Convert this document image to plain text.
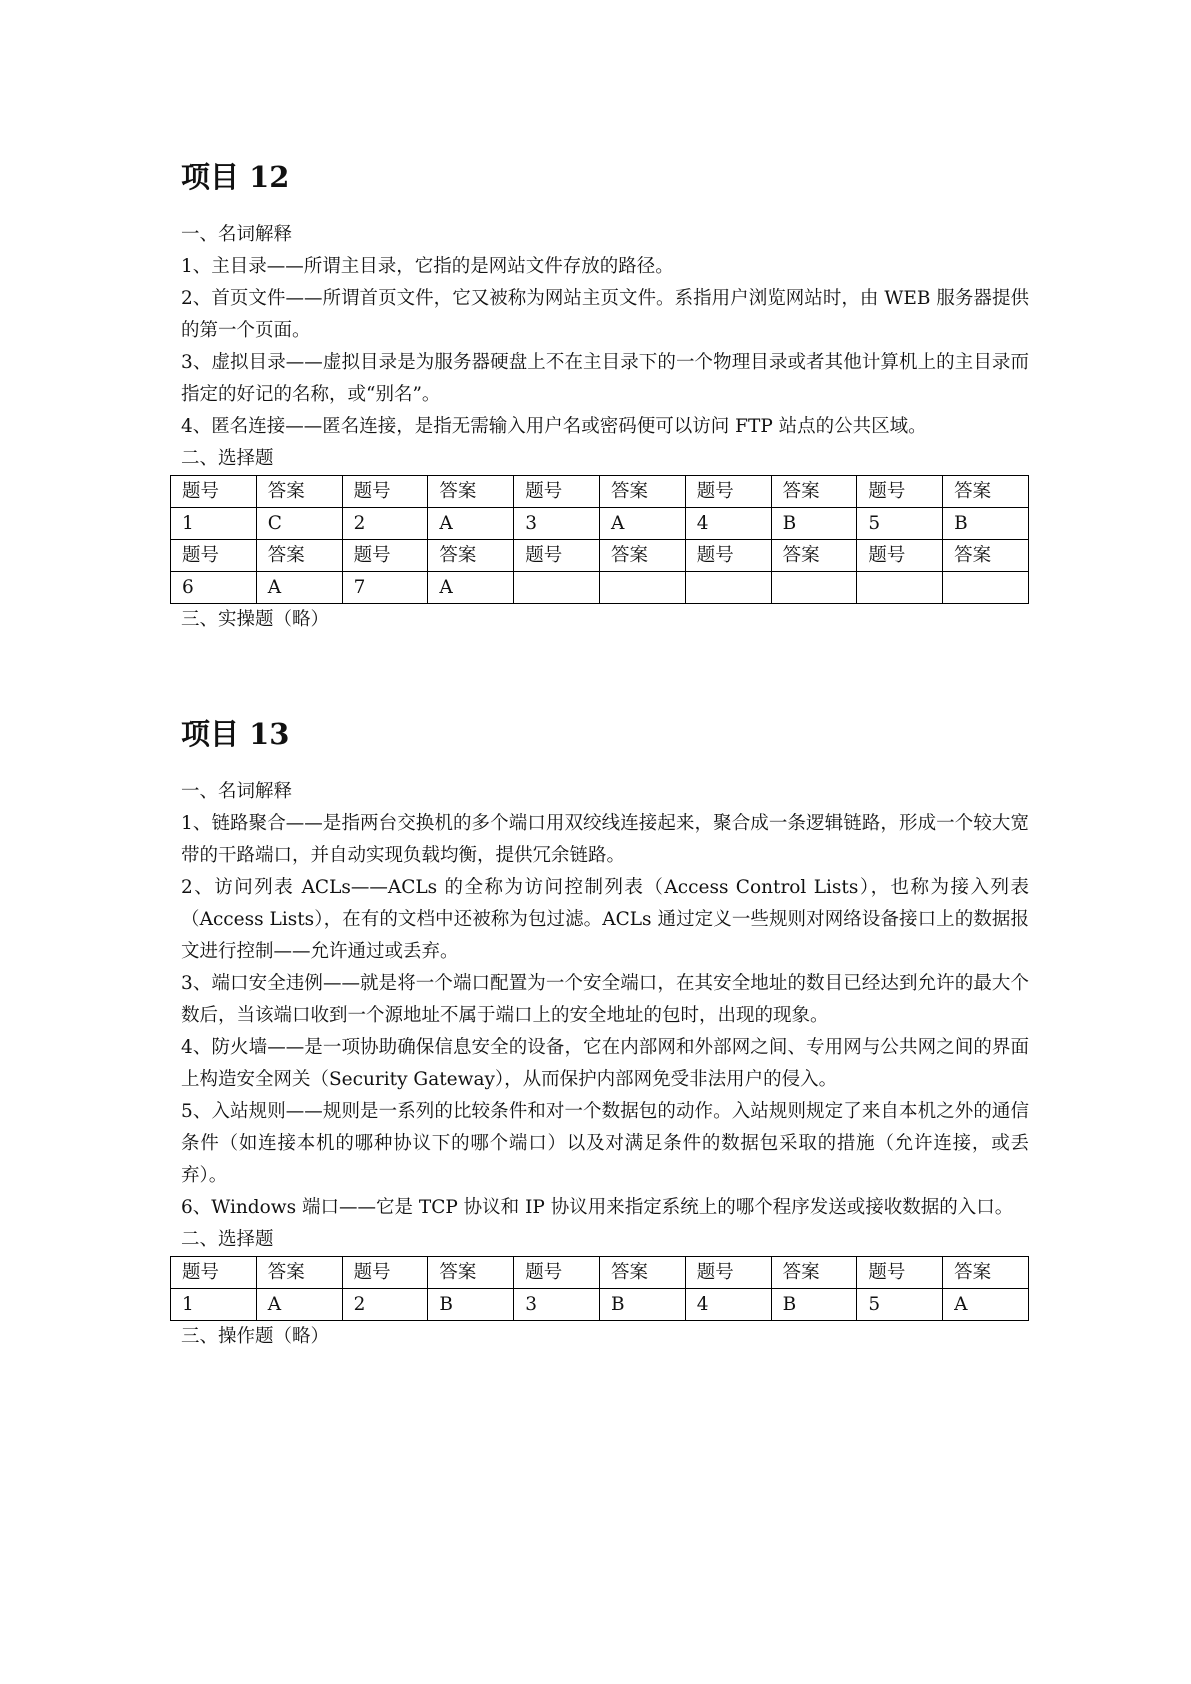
项目 12

一、名词解释

1、主目录——所谓主目录，它指的是网站文件存放的路径。

2、首页文件——所谓首页文件，它又被称为网站主页文件。系指用户浏览网站时，由 WEB 服务器提供的第一个页面。

3、虚拟目录——虚拟目录是为服务器硬盘上不在主目录下的一个物理目录或者其他计算机上的主目录而指定的好记的名称，或“别名”。

4、匿名连接——匿名连接，是指无需输入用户名或密码便可以访问 FTP 站点的公共区域。

二、选择题

题号	答案	题号	答案	题号	答案	题号	答案	题号	答案
1	C	2	A	3	A	4	B	5	B
题号	答案	题号	答案	题号	答案	题号	答案	题号	答案
6	A	7	A						

三、实操题（略）

项目 13

一、名词解释

1、链路聚合——是指两台交换机的多个端口用双绞线连接起来，聚合成一条逻辑链路，形成一个较大宽带的干路端口，并自动实现负载均衡，提供冗余链路。

2、访问列表 ACLs——ACLs 的全称为访问控制列表（Access Control Lists），也称为接入列表（Access Lists），在有的文档中还被称为包过滤。ACLs 通过定义一些规则对网络设备接口上的数据报文进行控制——允许通过或丢弃。

3、端口安全违例——就是将一个端口配置为一个安全端口，在其安全地址的数目已经达到允许的最大个数后，当该端口收到一个源地址不属于端口上的安全地址的包时，出现的现象。

4、防火墙——是一项协助确保信息安全的设备，它在内部网和外部网之间、专用网与公共网之间的界面上构造安全网关（Security Gateway），从而保护内部网免受非法用户的侵入。

5、入站规则——规则是一系列的比较条件和对一个数据包的动作。入站规则规定了来自本机之外的通信条件（如连接本机的哪种协议下的哪个端口）以及对满足条件的数据包采取的措施（允许连接，或丢弃）。

6、Windows 端口——它是 TCP 协议和 IP 协议用来指定系统上的哪个程序发送或接收数据的入口。

二、选择题

题号	答案	题号	答案	题号	答案	题号	答案	题号	答案
1	A	2	B	3	B	4	B	5	A

三、操作题（略）
